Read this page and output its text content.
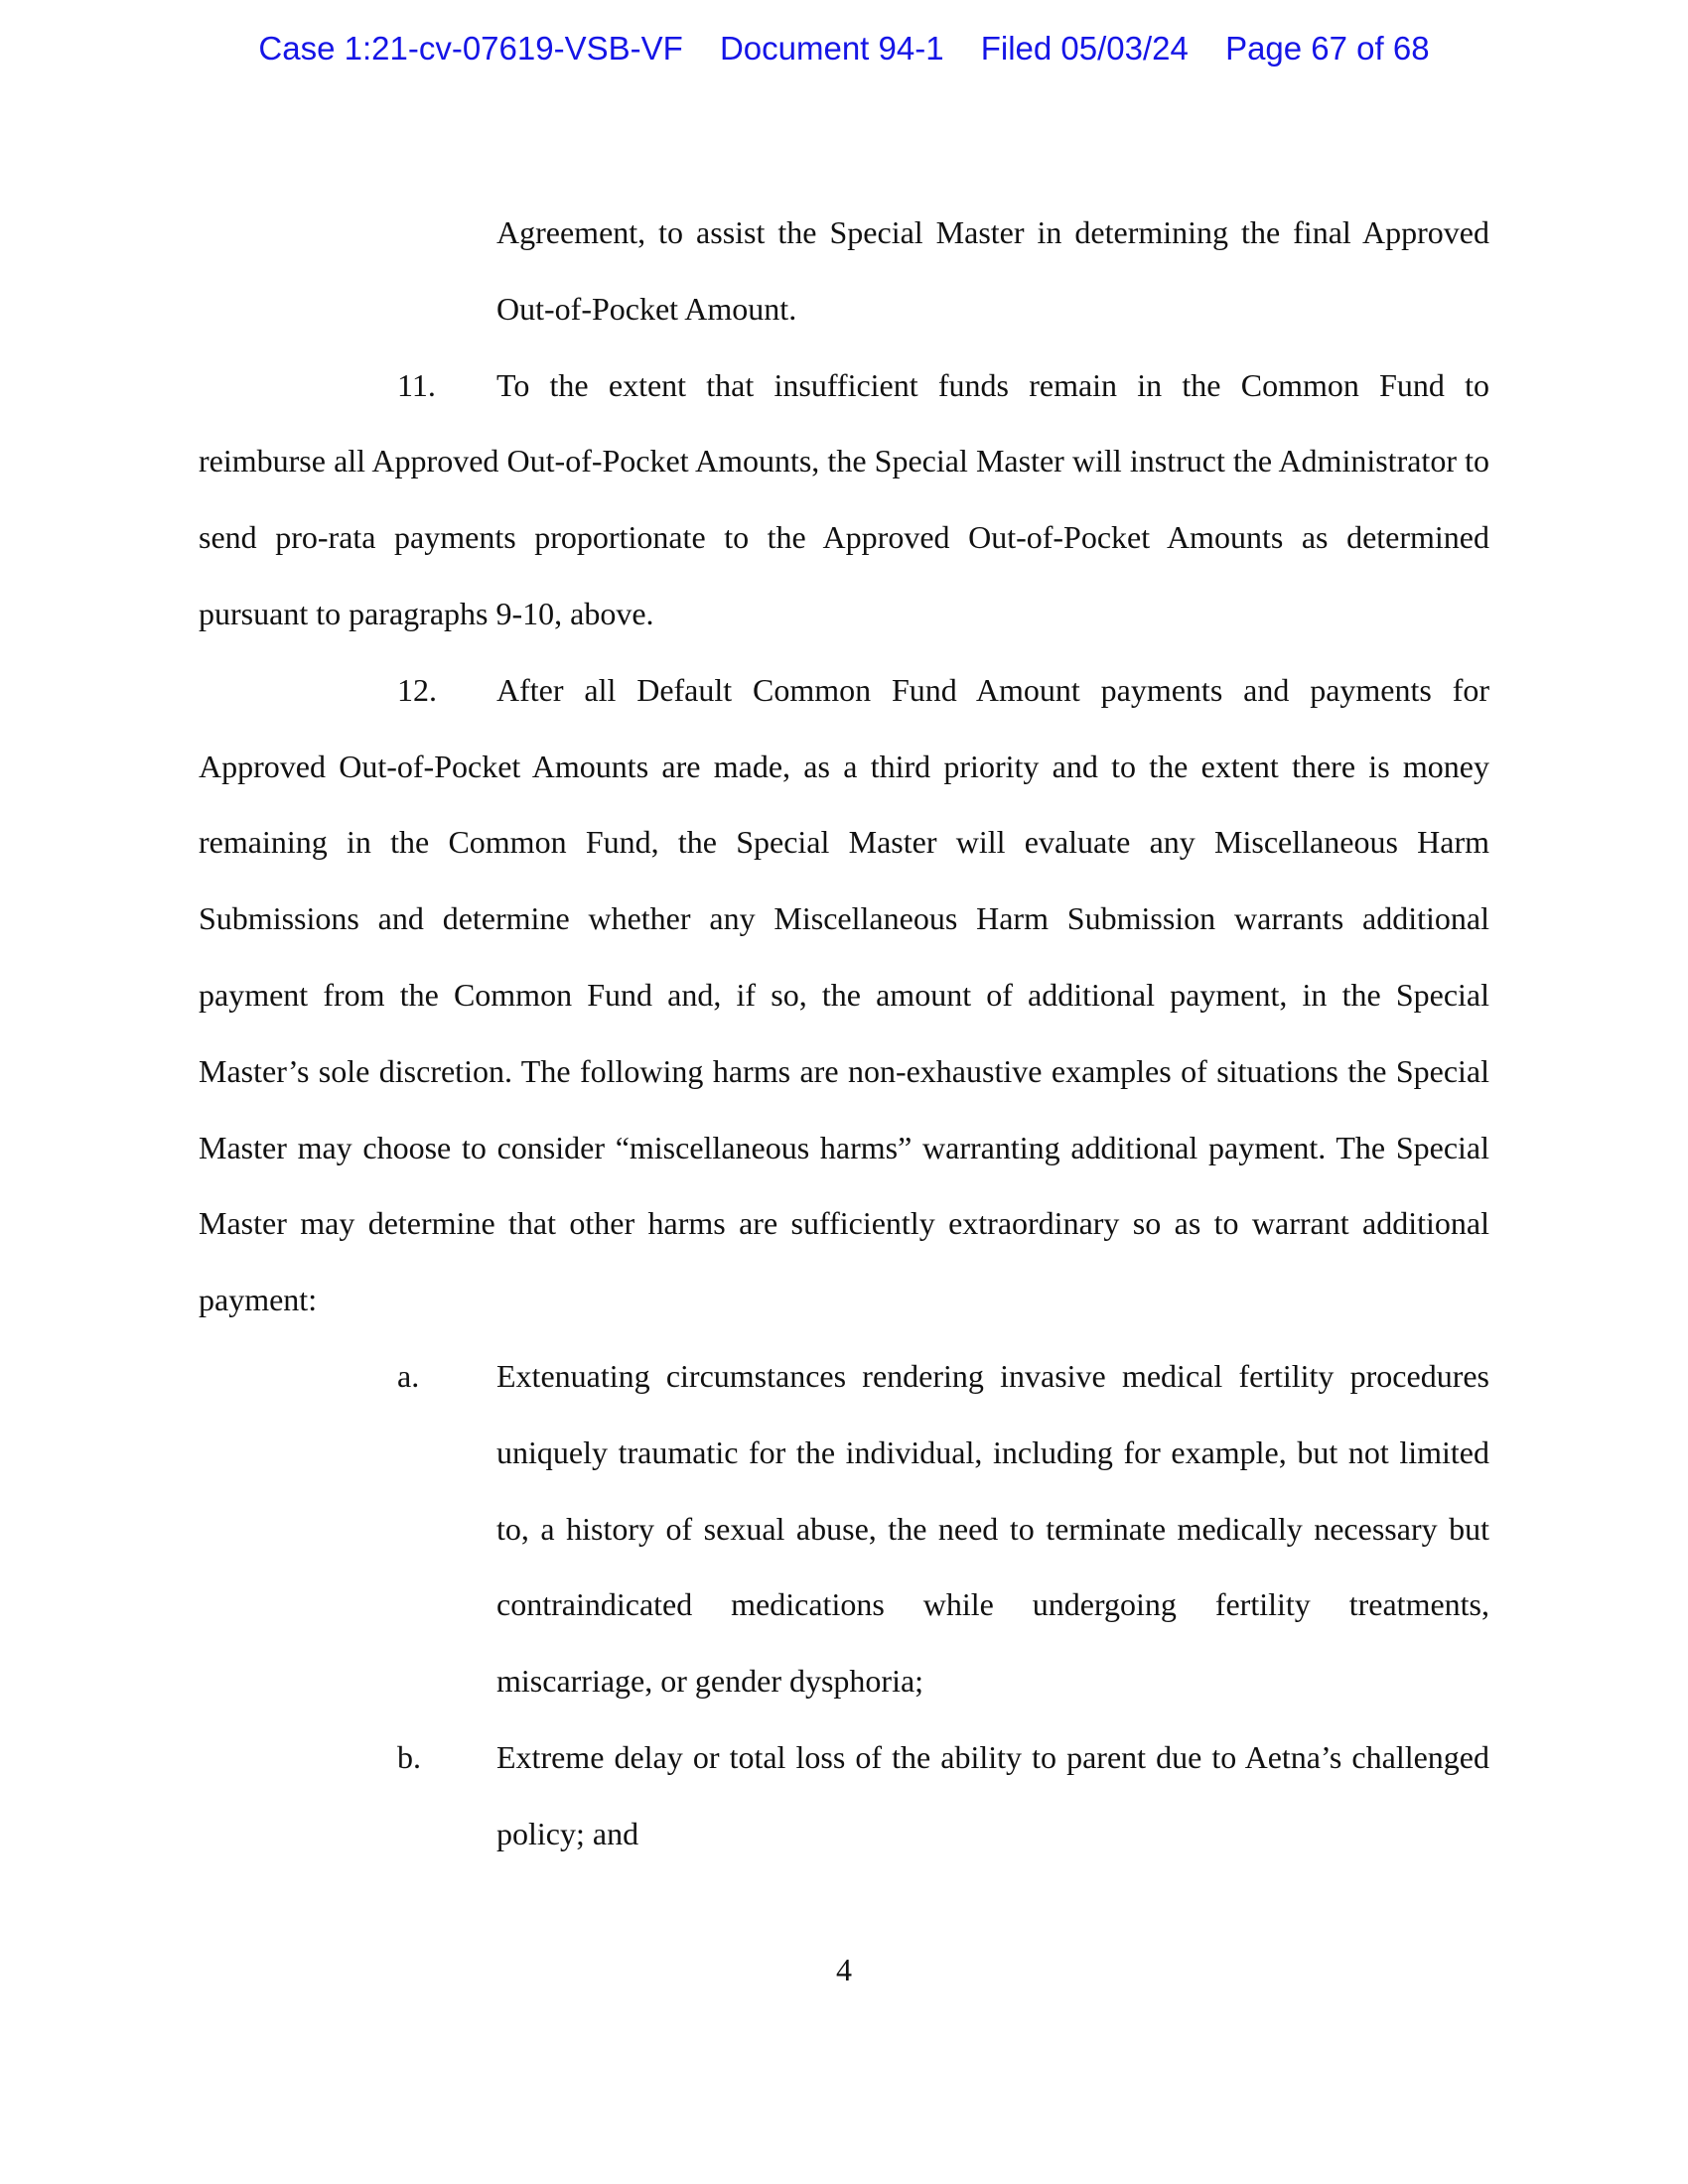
Case 1:21-cv-07619-VSB-VF Document 94-1 Filed 05/03/24 Page 67 of 68

Agreement, to assist the Special Master in determining the final Approved Out-of-Pocket Amount.

11. To the extent that insufficient funds remain in the Common Fund to reimburse all Approved Out-of-Pocket Amounts, the Special Master will instruct the Administrator to send pro-rata payments proportionate to the Approved Out-of-Pocket Amounts as determined pursuant to paragraphs 9-10, above.

12. After all Default Common Fund Amount payments and payments for Approved Out-of-Pocket Amounts are made, as a third priority and to the extent there is money remaining in the Common Fund, the Special Master will evaluate any Miscellaneous Harm Submissions and determine whether any Miscellaneous Harm Submission warrants additional payment from the Common Fund and, if so, the amount of additional payment, in the Special Master’s sole discretion. The following harms are non-exhaustive examples of situations the Special Master may choose to consider “miscellaneous harms” warranting additional payment. The Special Master may determine that other harms are sufficiently extraordinary so as to warrant additional payment:

a.	Extenuating circumstances rendering invasive medical fertility procedures uniquely traumatic for the individual, including for example, but not limited to, a history of sexual abuse, the need to terminate medically necessary but contraindicated medications while undergoing fertility treatments, miscarriage, or gender dysphoria;

b.	Extreme delay or total loss of the ability to parent due to Aetna’s challenged policy; and

4
